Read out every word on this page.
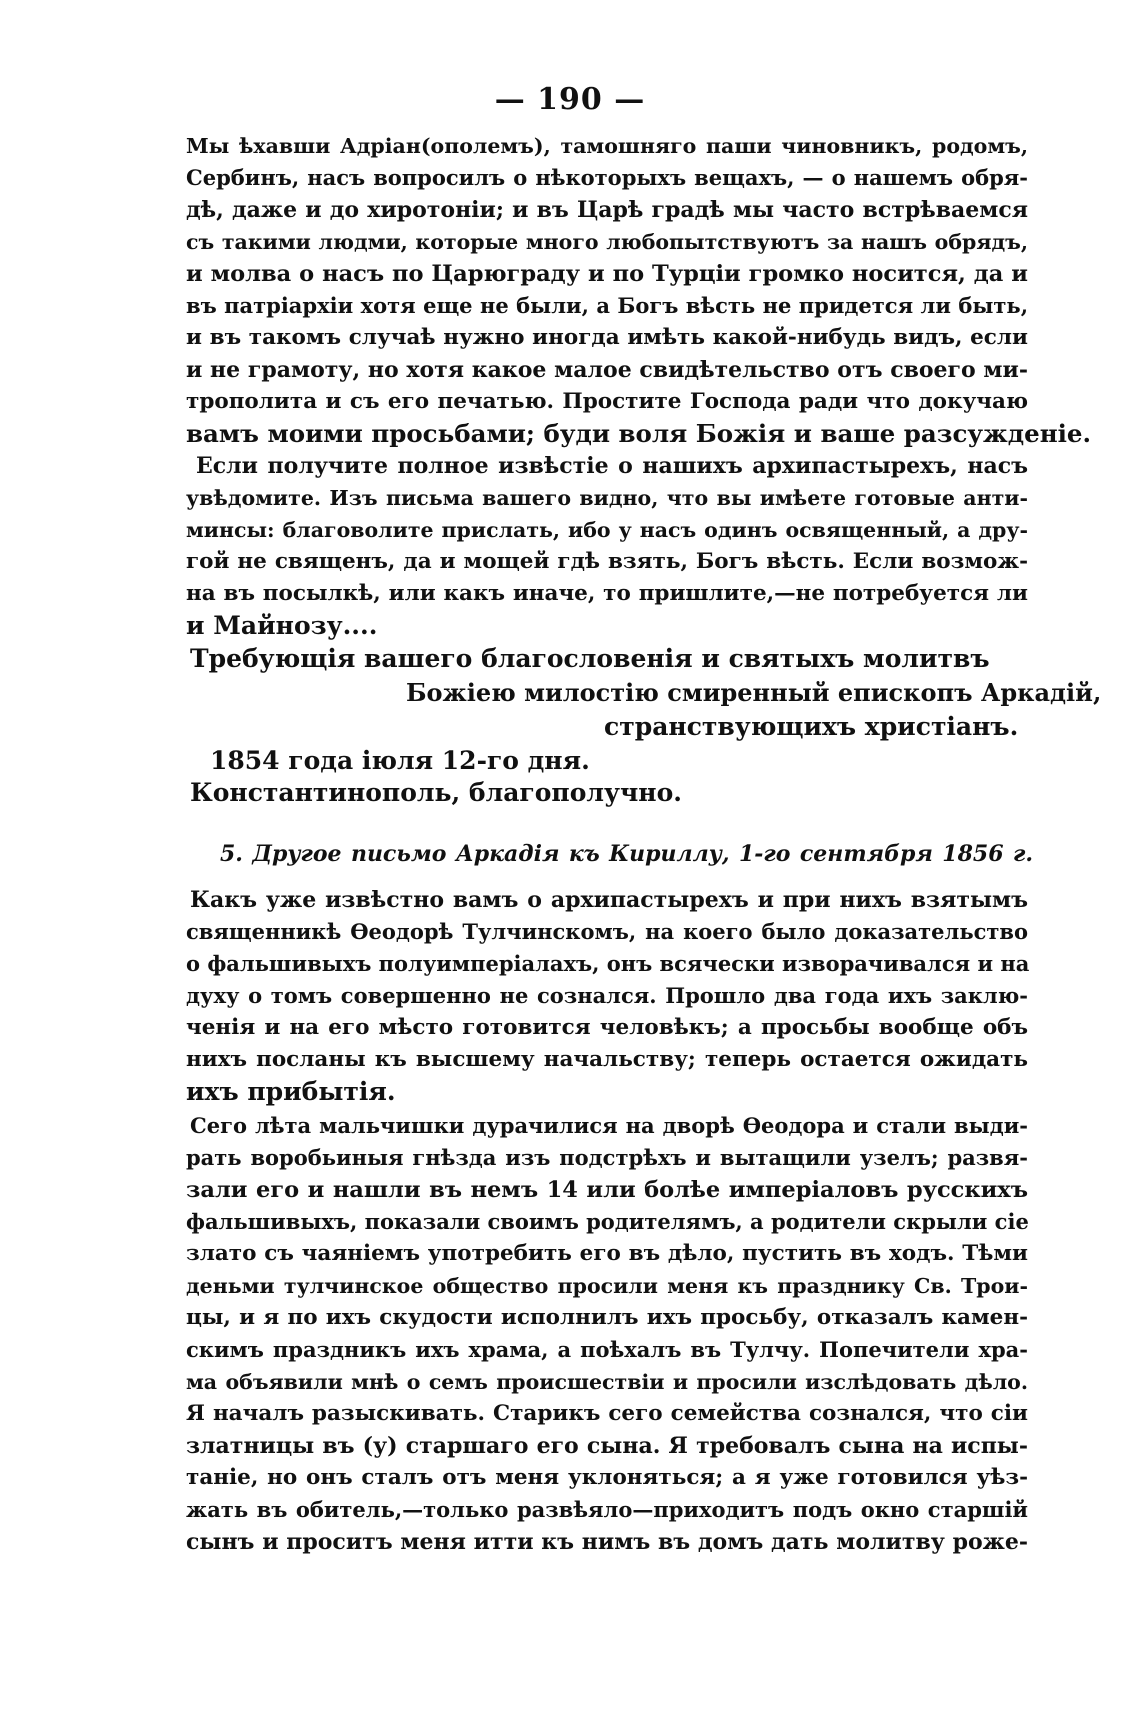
— 190 —
Мы ѣхавши Адріан(ополемъ), тамошняго паши чиновникъ, родомъ,
Сербинъ, насъ вопросилъ о нѣкоторыхъ вещахъ, — о нашемъ обря-
дѣ, даже и до хиротоніи; и въ Царѣ градѣ мы часто встрѣваемся
съ такими людми, которые много любопытствуютъ за нашъ обрядъ,
и молва о насъ по Царюграду и по Турціи громко носится, да и
въ патріархіи хотя еще не были, а Богъ вѣсть не придется ли быть,
и въ такомъ случаѣ нужно иногда имѣть какой-нибудь видъ, если
и не грамоту, но хотя какое малое свидѣтельство отъ своего ми-
трополита и съ его печатью. Простите Господа ради что докучаю
вамъ моими просьбами; буди воля Божія и ваше разсужденіе.
Если получите полное извѣстіе о нашихъ архипастырехъ, насъ
увѣдомите. Изъ письма вашего видно, что вы имѣете готовые анти-
минсы: благоволите прислать, ибо у насъ одинъ освященный, а дру-
гой не священъ, да и мощей гдѣ взять, Богъ вѣсть. Если возмож-
на въ посылкѣ, или какъ иначе, то пришлите,—не потребуется ли
и Майнозу....
Требующія вашего благословенія и святыхъ молитвъ
Божіею милостію смиренный епископъ Аркадій,
странствующихъ христіанъ.
1854 года іюля 12-го дня.
Константинополь, благополучно.
5. Другое письмо Аркадія къ Кириллу, 1-го сентября 1856 г.
Какъ уже извѣстно вамъ о архипастырехъ и при нихъ взятымъ
священникѣ Ѳеодорѣ Тулчинскомъ, на коего было доказательство
о фальшивыхъ полуимперіалахъ, онъ всячески изворачивался и на
духу о томъ совершенно не сознался. Прошло два года ихъ заклю-
ченія и на его мѣсто готовится человѣкъ; а просьбы вообще объ
нихъ посланы къ высшему начальству; теперь остается ожидать
ихъ прибытія.
Сего лѣта мальчишки дурачилися на дворѣ Ѳеодора и стали выди-
рать воробьиныя гнѣзда изъ подстрѣхъ и вытащили узелъ; развя-
зали его и нашли въ немъ 14 или болѣе имперіаловъ русскихъ
фальшивыхъ, показали своимъ родителямъ, а родители скрыли сіе
злато съ чаяніемъ употребить его въ дѣло, пустить въ ходъ. Тѣми
деньми тулчинское общество просили меня къ празднику Св. Трои-
цы, и я по ихъ скудости исполнилъ ихъ просьбу, отказалъ камен-
скимъ праздникъ ихъ храма, а поѣхалъ въ Тулчу. Попечители хра-
ма объявили мнѣ о семъ происшествіи и просили изслѣдовать дѣло.
Я началъ разыскивать. Старикъ сего семейства сознался, что сіи
златницы въ (у) старшаго его сына. Я требовалъ сына на испы-
таніе, но онъ сталъ отъ меня уклоняться; а я уже готовился уѣз-
жать въ обитель,—только развѣяло—приходитъ подъ окно старшій
сынъ и проситъ меня итти къ нимъ въ домъ дать молитву роже-
